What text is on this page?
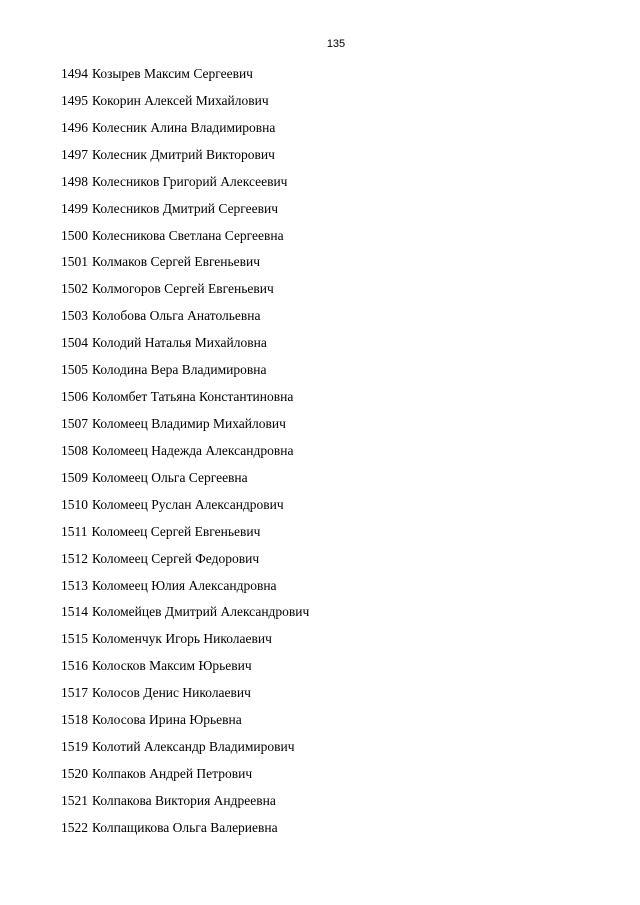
135
1494 Козырев Максим Сергеевич
1495 Кокорин Алексей Михайлович
1496 Колесник Алина Владимировна
1497 Колесник Дмитрий Викторович
1498 Колесников Григорий Алексеевич
1499 Колесников Дмитрий Сергеевич
1500 Колесникова Светлана Сергеевна
1501 Колмаков Сергей Евгеньевич
1502 Колмогоров Сергей Евгеньевич
1503 Колобова Ольга Анатольевна
1504 Колодий Наталья Михайловна
1505 Колодина Вера Владимировна
1506 Коломбет Татьяна Константиновна
1507 Коломеец Владимир Михайлович
1508 Коломеец Надежда Александровна
1509 Коломеец Ольга Сергеевна
1510 Коломеец Руслан Александрович
1511 Коломеец Сергей Евгеньевич
1512 Коломеец Сергей Федорович
1513 Коломеец Юлия Александровна
1514 Коломейцев Дмитрий Александрович
1515 Коломенчук Игорь Николаевич
1516 Колосков Максим Юрьевич
1517 Колосов Денис Николаевич
1518 Колосова Ирина Юрьевна
1519 Колотий Александр Владимирович
1520 Колпаков Андрей Петрович
1521 Колпакова Виктория Андреевна
1522 Колпащикова Ольга Валериевна
